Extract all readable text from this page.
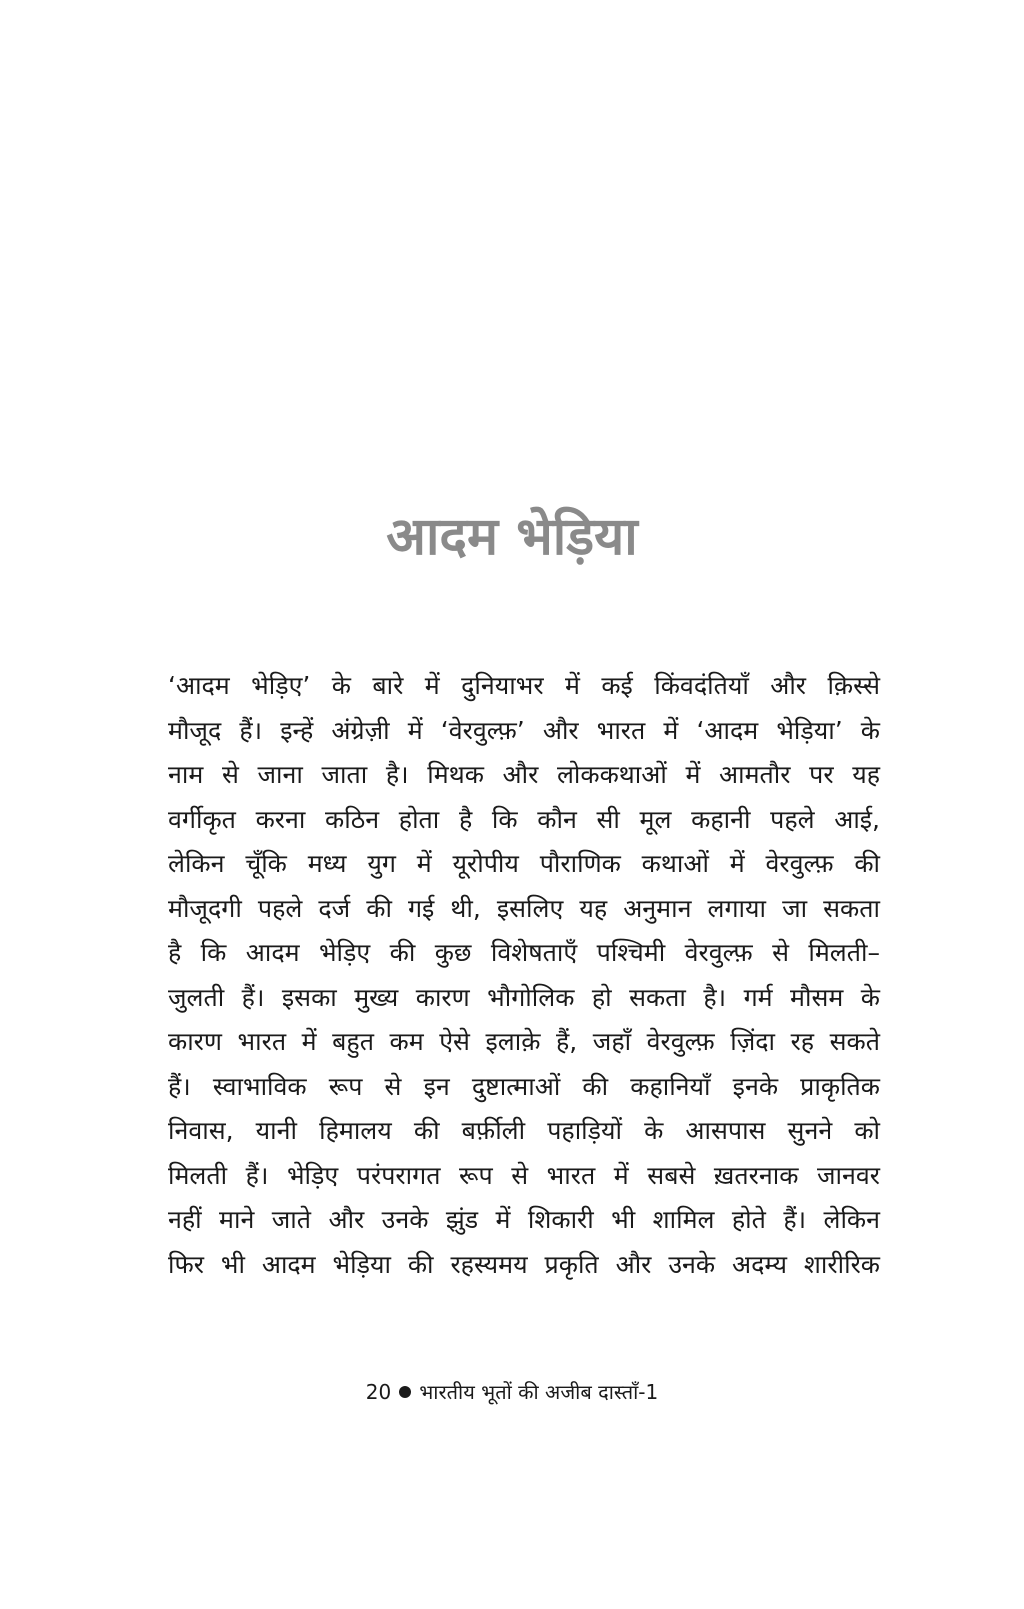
आदम भेड़िया
‘आदम भेड़िए’ के बारे में दुनियाभर में कई किंवदंतियाँ और क़िस्से
मौजूद हैं। इन्हें अंग्रेज़ी में ‘वेरवुल्फ़’ और भारत में ‘आदम भेड़िया’ के
नाम से जाना जाता है। मिथक और लोककथाओं में आमतौर पर यह
वर्गीकृत करना कठिन होता है कि कौन सी मूल कहानी पहले आई,
लेकिन चूँकि मध्य युग में यूरोपीय पौराणिक कथाओं में वेरवुल्फ़ की
मौजूदगी पहले दर्ज की गई थी, इसलिए यह अनुमान लगाया जा सकता
है कि आदम भेड़िए की कुछ विशेषताएँ पश्चिमी वेरवुल्फ़ से मिलती–
जुलती हैं। इसका मुख्य कारण भौगोलिक हो सकता है। गर्म मौसम के
कारण भारत में बहुत कम ऐसे इलाक़े हैं, जहाँ वेरवुल्फ़ ज़िंदा रह सकते
हैं। स्वाभाविक रूप से इन दुष्टात्माओं की कहानियाँ इनके प्राकृतिक
निवास, यानी हिमालय की बर्फ़ीली पहाड़ियों के आसपास सुनने को
मिलती हैं। भेड़िए परंपरागत रूप से भारत में सबसे ख़तरनाक जानवर
नहीं माने जाते और उनके झुंड में शिकारी भी शामिल होते हैं। लेकिन
फिर भी आदम भेड़िया की रहस्यमय प्रकृति और उनके अदम्य शारीरिक
20 भारतीय भूतों की अजीब दास्ताँ-1
